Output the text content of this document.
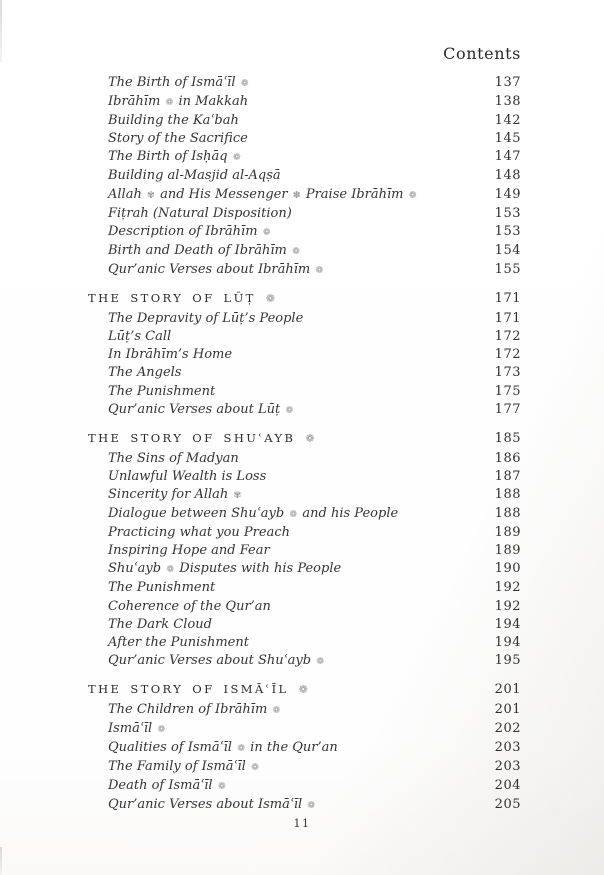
Contents
The Birth of Ismāʿīl ❁	137
Ibrāhīm ❁ in Makkah	138
Building the Kaʿbah	142
Story of the Sacrifice	145
The Birth of Isḥāq ❁	147
Building al-Masjid al-Aqṣā	148
Allah ✾ and His Messenger ✽ Praise Ibrāhīm ❁	149
Fiṭrah (Natural Disposition)	153
Description of Ibrāhīm ❁	153
Birth and Death of Ibrāhīm ❁	154
Qur’anic Verses about Ibrāhīm ❁	155
THE STORY OF LŪṬ ❁	171
The Depravity of Lūṭ’s People	171
Lūṭ’s Call	172
In Ibrāhīm’s Home	172
The Angels	173
The Punishment	175
Qur’anic Verses about Lūṭ ❁	177
THE STORY OF SHUʿAYB ❁	185
The Sins of Madyan	186
Unlawful Wealth is Loss	187
Sincerity for Allah ✾	188
Dialogue between Shuʿayb ❁ and his People	188
Practicing what you Preach	189
Inspiring Hope and Fear	189
Shuʿayb ❁ Disputes with his People	190
The Punishment	192
Coherence of the Qur’an	192
The Dark Cloud	194
After the Punishment	194
Qur’anic Verses about Shuʿayb ❁	195
THE STORY OF ISMĀʿĪL ❁	201
The Children of Ibrāhīm ❁	201
Ismāʿīl ❁	202
Qualities of Ismāʿīl ❁ in the Qur’an	203
The Family of Ismāʿīl ❁	203
Death of Ismāʿīl ❁	204
Qur’anic Verses about Ismāʿīl ❁	205
11
